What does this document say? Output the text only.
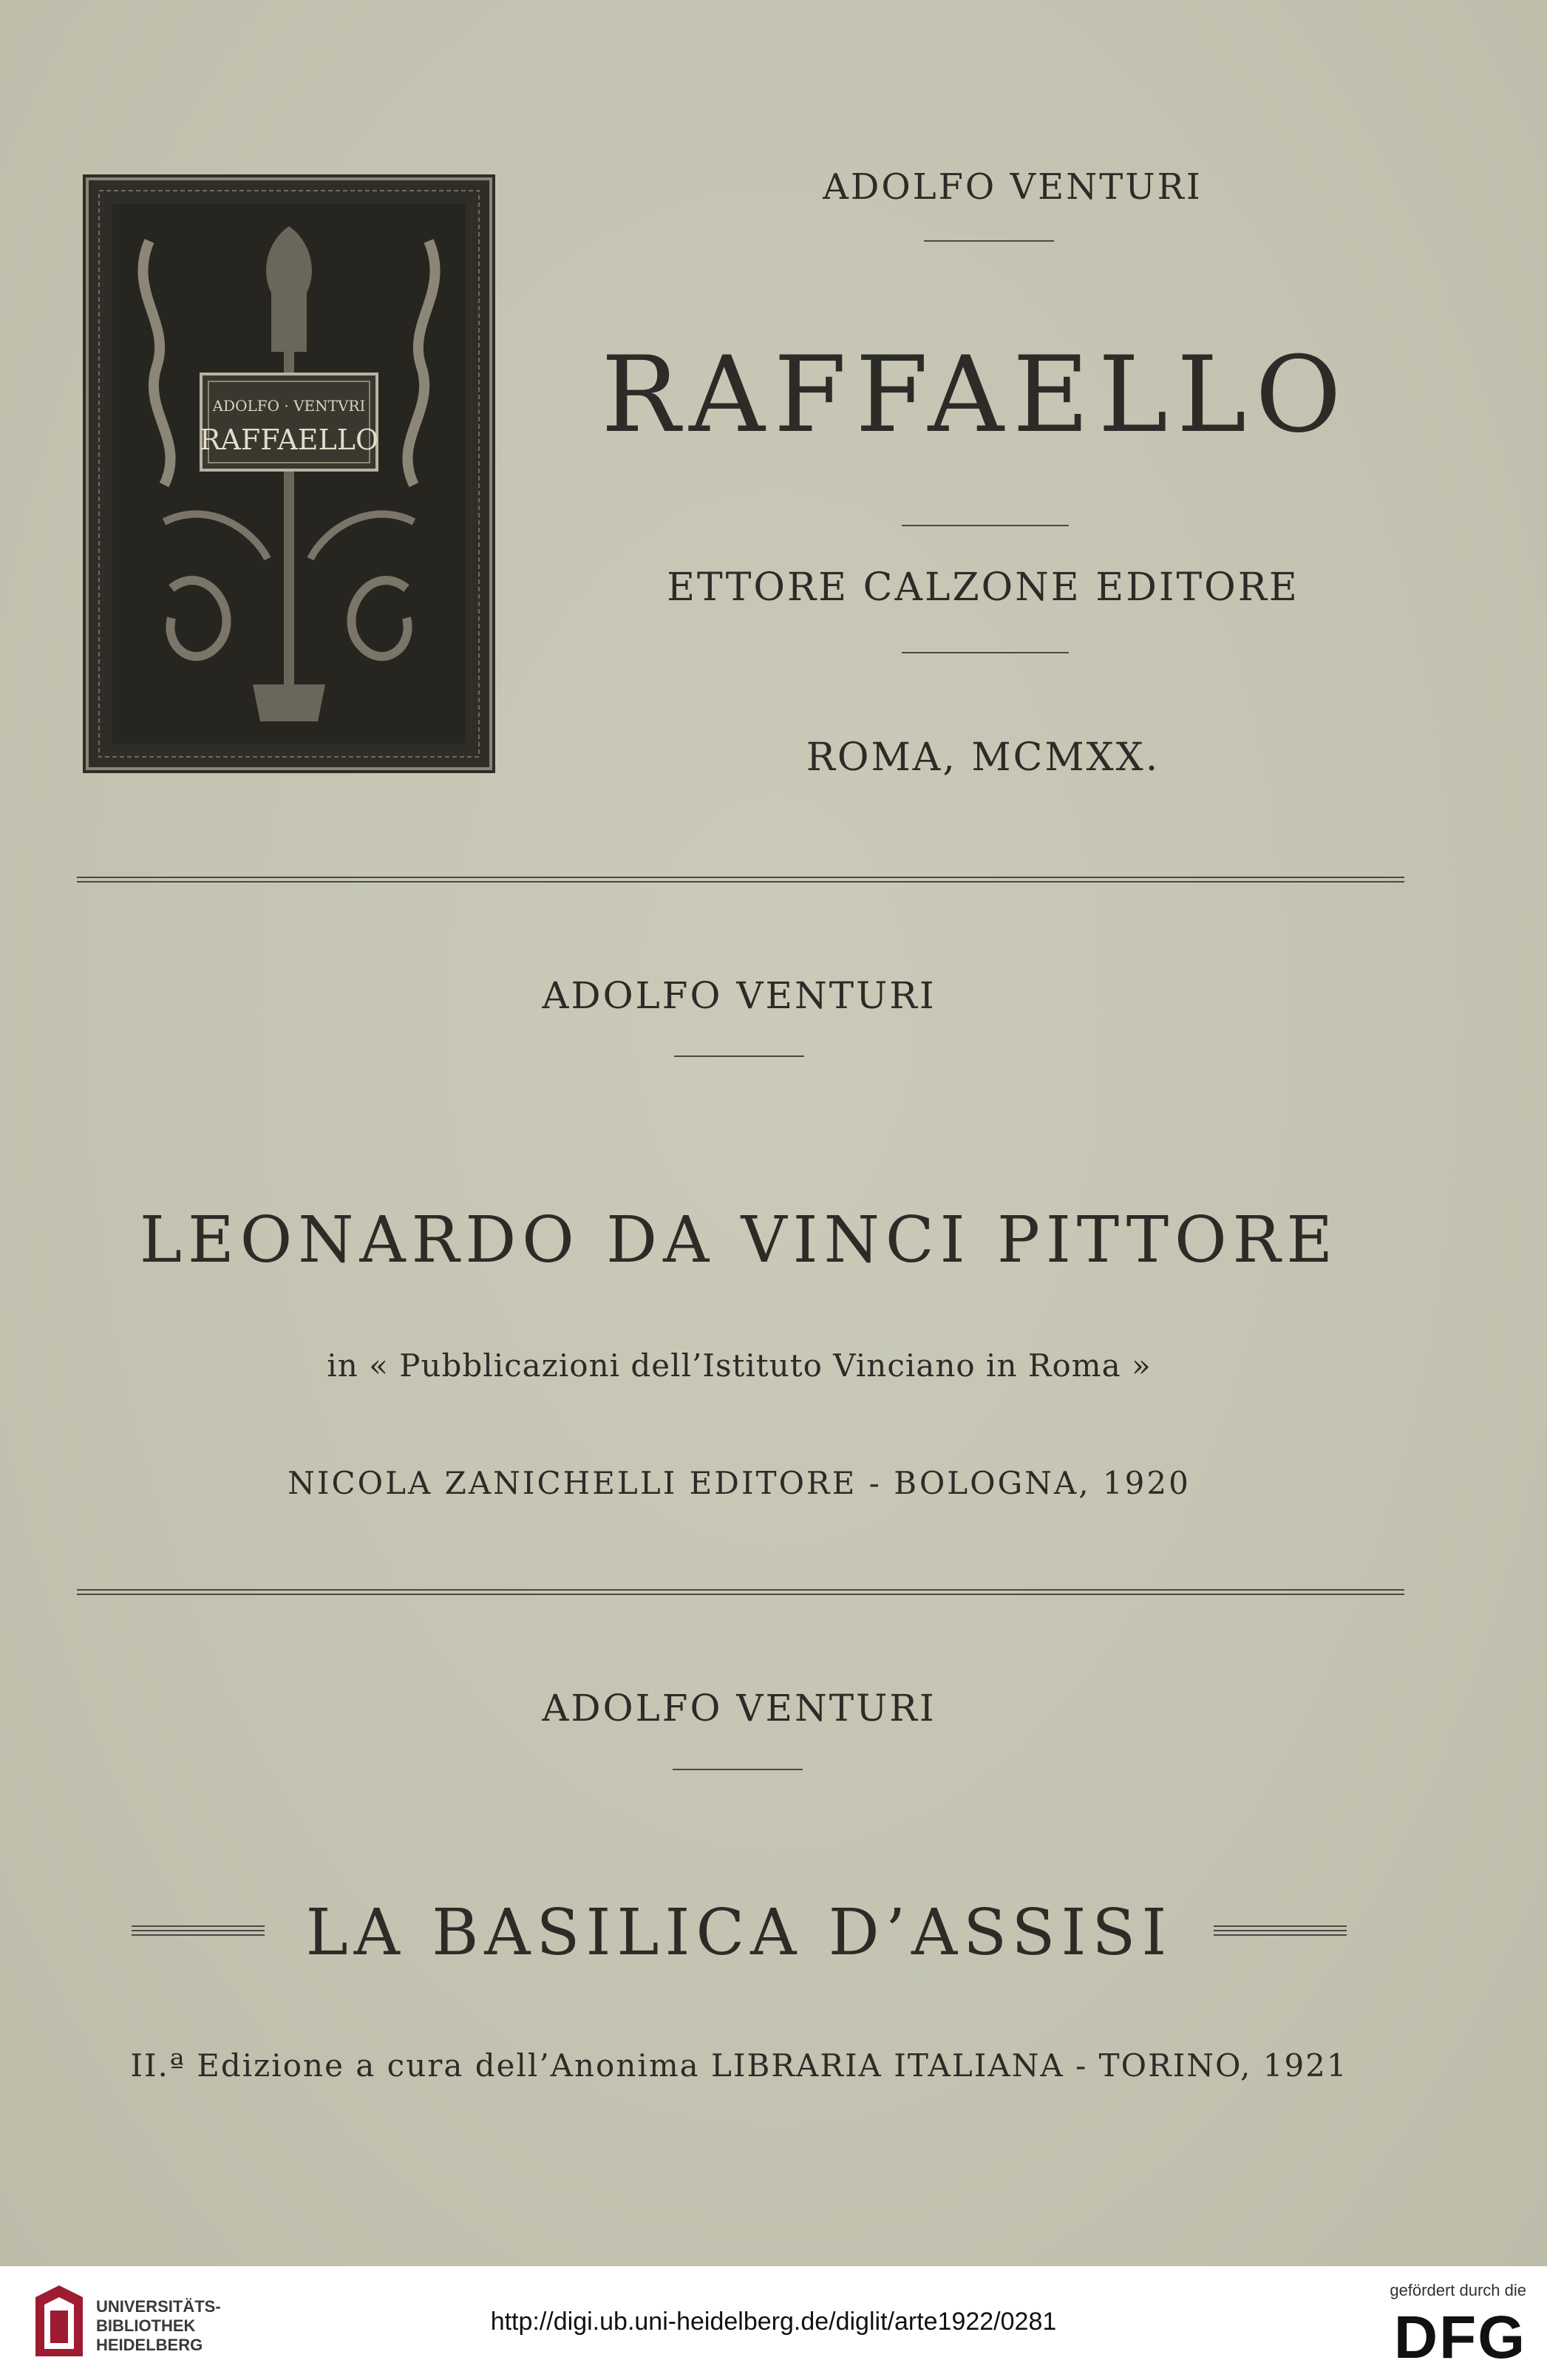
ADOLFO · VENTVRI
RAFFAELLO
ADOLFO VENTURI
RAFFAELLO
ETTORE CALZONE EDITORE
ROMA, MCMXX.
ADOLFO VENTURI
LEONARDO DA VINCI PITTORE
in « Pubblicazioni dell’Istituto Vinciano in Roma »
NICOLA ZANICHELLI EDITORE - BOLOGNA, 1920
ADOLFO VENTURI
LA BASILICA D’ASSISI
II.ª Edizione a cura dell’Anonima LIBRARIA ITALIANA - TORINO, 1921
UNIVERSITÄTS-
BIBLIOTHEK
HEIDELBERG
http://digi.ub.uni-heidelberg.de/diglit/arte1922/0281
gefördert durch die
DFG
